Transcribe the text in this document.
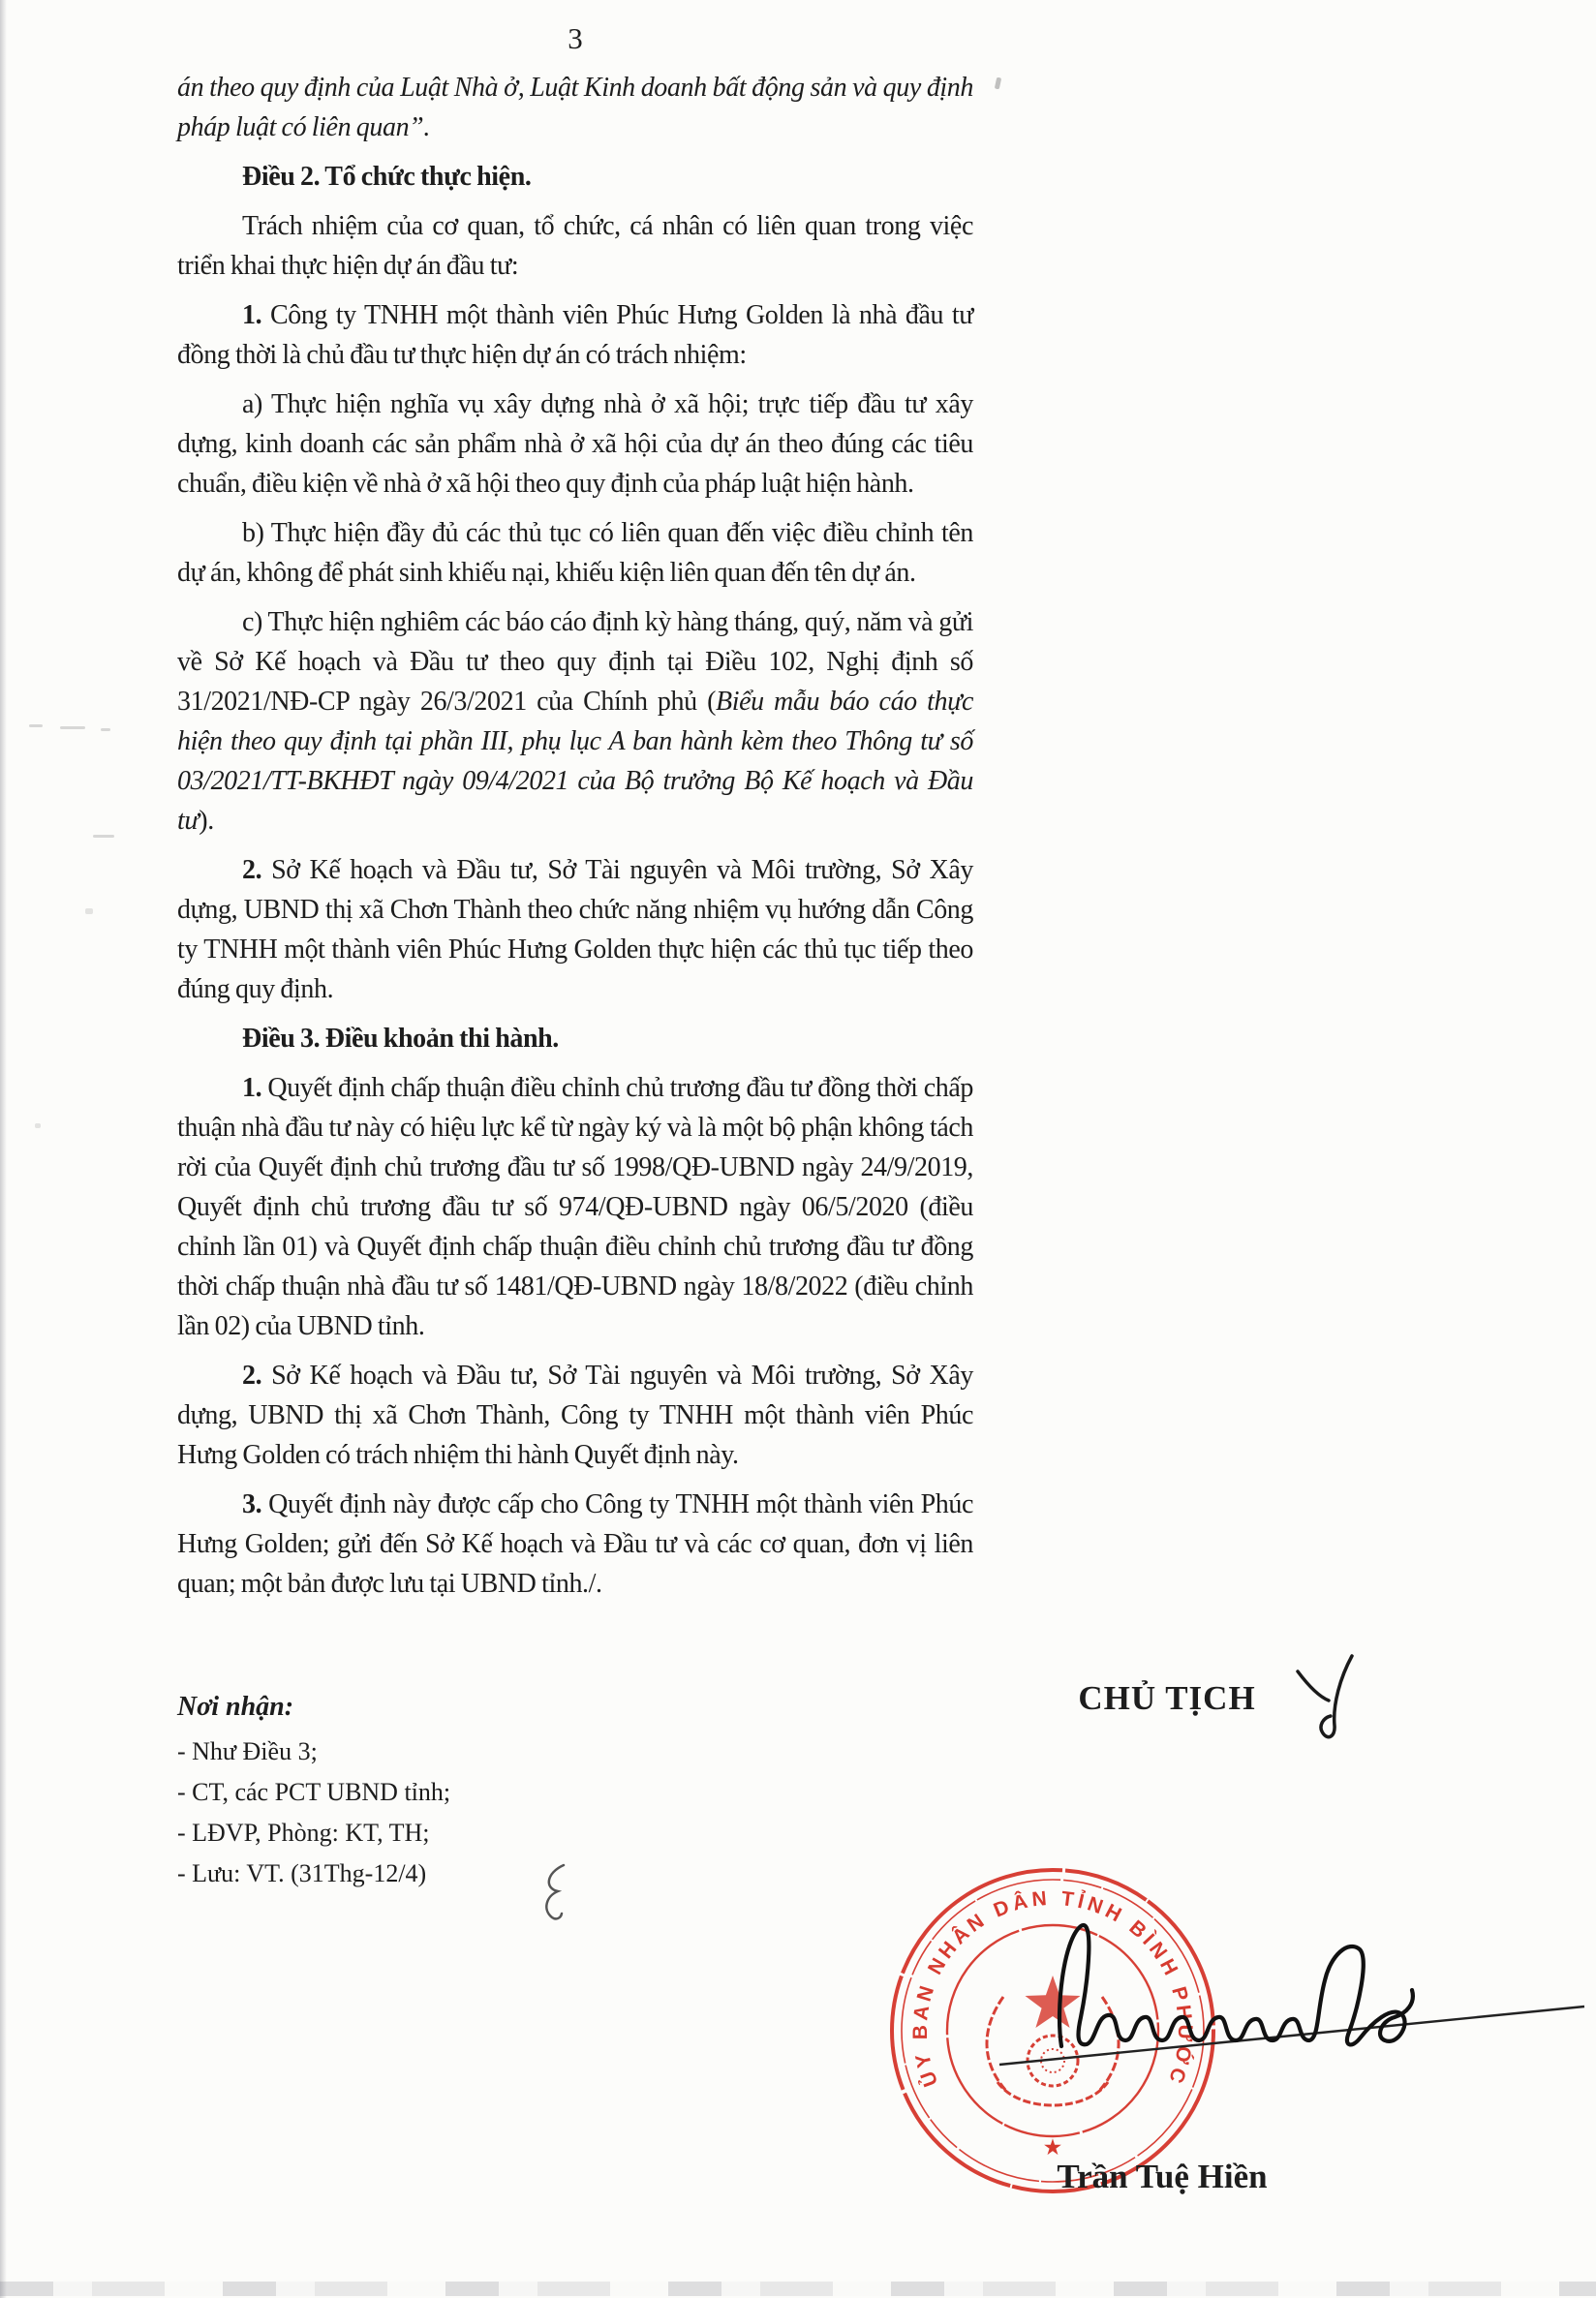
3

án theo quy định của Luật Nhà ở, Luật Kinh doanh bất động sản và quy định pháp luật có liên quan”.

Điều 2. Tổ chức thực hiện.

Trách nhiệm của cơ quan, tổ chức, cá nhân có liên quan trong việc triển khai thực hiện dự án đầu tư:

1. Công ty TNHH một thành viên Phúc Hưng Golden là nhà đầu tư đồng thời là chủ đầu tư thực hiện dự án có trách nhiệm:

a) Thực hiện nghĩa vụ xây dựng nhà ở xã hội; trực tiếp đầu tư xây dựng, kinh doanh các sản phẩm nhà ở xã hội của dự án theo đúng các tiêu chuẩn, điều kiện về nhà ở xã hội theo quy định của pháp luật hiện hành.

b) Thực hiện đầy đủ các thủ tục có liên quan đến việc điều chỉnh tên dự án, không để phát sinh khiếu nại, khiếu kiện liên quan đến tên dự án.

c) Thực hiện nghiêm các báo cáo định kỳ hàng tháng, quý, năm và gửi về Sở Kế hoạch và Đầu tư theo quy định tại Điều 102, Nghị định số 31/2021/NĐ-CP ngày 26/3/2021 của Chính phủ (Biểu mẫu báo cáo thực hiện theo quy định tại phần III, phụ lục A ban hành kèm theo Thông tư số 03/2021/TT-BKHĐT ngày 09/4/2021 của Bộ trưởng Bộ Kế hoạch và Đầu tư).

2. Sở Kế hoạch và Đầu tư, Sở Tài nguyên và Môi trường, Sở Xây dựng, UBND thị xã Chơn Thành theo chức năng nhiệm vụ hướng dẫn Công ty TNHH một thành viên Phúc Hưng Golden thực hiện các thủ tục tiếp theo đúng quy định.

Điều 3. Điều khoản thi hành.

1. Quyết định chấp thuận điều chỉnh chủ trương đầu tư đồng thời chấp thuận nhà đầu tư này có hiệu lực kể từ ngày ký và là một bộ phận không tách rời của Quyết định chủ trương đầu tư số 1998/QĐ-UBND ngày 24/9/2019, Quyết định chủ trương đầu tư số 974/QĐ-UBND ngày 06/5/2020 (điều chỉnh lần 01) và Quyết định chấp thuận điều chỉnh chủ trương đầu tư đồng thời chấp thuận nhà đầu tư số 1481/QĐ-UBND ngày 18/8/2022 (điều chỉnh lần 02) của UBND tỉnh.

2. Sở Kế hoạch và Đầu tư, Sở Tài nguyên và Môi trường, Sở Xây dựng, UBND thị xã Chơn Thành, Công ty TNHH một thành viên Phúc Hưng Golden có trách nhiệm thi hành Quyết định này.

3. Quyết định này được cấp cho Công ty TNHH một thành viên Phúc Hưng Golden; gửi đến Sở Kế hoạch và Đầu tư và các cơ quan, đơn vị liên quan; một bản được lưu tại UBND tỉnh./.

Nơi nhận:
- Như Điều 3;
- CT, các PCT UBND tỉnh;
- LĐVP, Phòng: KT, TH;
- Lưu: VT. (31Thg-12/4)
CHỦ TỊCH
ỦY BAN NHÂN DÂN TỈNH BÌNH PHƯỚC
★
Trần Tuệ Hiền
